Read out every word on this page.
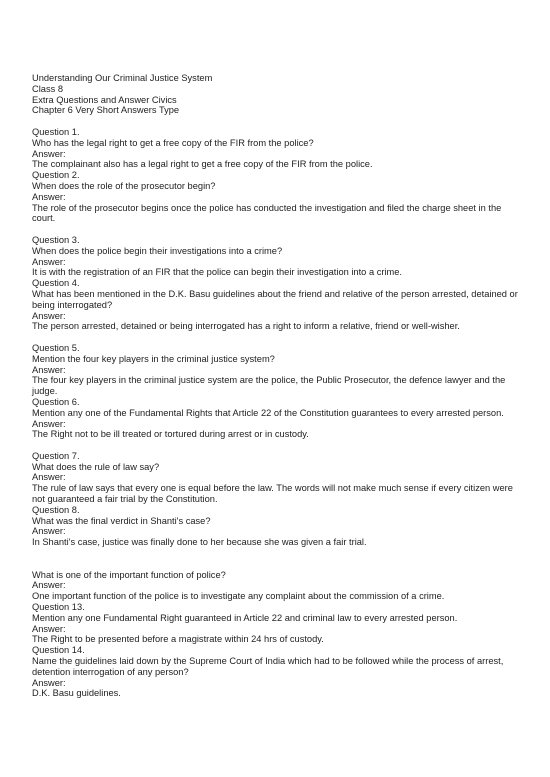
Understanding Our Criminal Justice System

Class 8

Extra Questions and Answer Civics

Chapter 6 Very Short Answers Type

Question 1.

Who has the legal right to get a free copy of the FIR from the police?

Answer:

The complainant also has a legal right to get a free copy of the FIR from the police.

Question 2.

When does the role of the prosecutor begin?

Answer:

The role of the prosecutor begins once the police has conducted the investigation and filed the charge sheet in the court.

Question 3.

When does the police begin their investigations into a crime?

Answer:

It is with the registration of an FIR that the police can begin their investigation into a crime.

Question 4.

What has been mentioned in the D.K. Basu guidelines about the friend and relative of the person arrested, detained or being interrogated?

Answer:

The person arrested, detained or being interrogated has a right to inform a relative, friend or well-wisher.

Question 5.

Mention the four key players in the criminal justice system?

Answer:

The four key players in the criminal justice system are the police, the Public Prosecutor, the defence lawyer and the judge.

Question 6.

Mention any one of the Fundamental Rights that Article 22 of the Constitution guarantees to every arrested person.

Answer:

The Right not to be ill treated or tortured during arrest or in custody.

Question 7.

What does the rule of law say?

Answer:

The rule of law says that every one is equal before the law. The words will not make much sense if every citizen were not guaranteed a fair trial by the Constitution.

Question 8.

What was the final verdict in Shanti's case?

Answer:

In Shanti's case, justice was finally done to her because she was given a fair trial.

What is one of the important function of police?

Answer:

One important function of the police is to investigate any complaint about the commission of a crime.

Question 13.

Mention any one Fundamental Right guaranteed in Article 22 and criminal law to every arrested person.

Answer:

The Right to be presented before a magistrate within 24 hrs of custody.

Question 14.

Name the guidelines laid down by the Supreme Court of India which had to be followed while the process of arrest, detention interrogation of any person?

Answer:

D.K. Basu guidelines.
